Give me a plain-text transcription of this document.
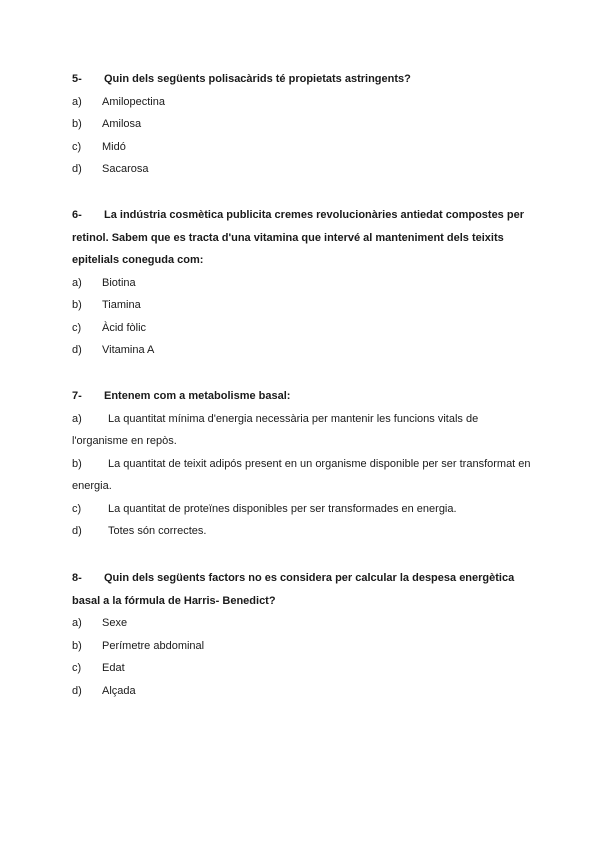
5- Quin dels següents polisacàrids té propietats astringents?

a) Amilopectina
b) Amilosa
c) Midó
d) Sacarosa

6- La indústria cosmètica publicita cremes revolucionàries antiedat compostes per retinol. Sabem que es tracta d'una vitamina que intervé al manteniment dels teixits epitelials coneguda com:

a) Biotina
b) Tiamina
c) Àcid fòlic
d) Vitamina A

7- Entenem com a metabolisme basal:

a) La quantitat mínima d'energia necessària per mantenir les funcions vitals de l'organisme en repòs.
b) La quantitat de teixit adipós present en un organisme disponible per ser transformat en energia.
c) La quantitat de proteïnes disponibles per ser transformades en energia.
d) Totes són correctes.

8- Quin dels següents factors no es considera per calcular la despesa energètica basal a la fórmula de Harris- Benedict?

a) Sexe
b) Perímetre abdominal
c) Edat
d) Alçada
